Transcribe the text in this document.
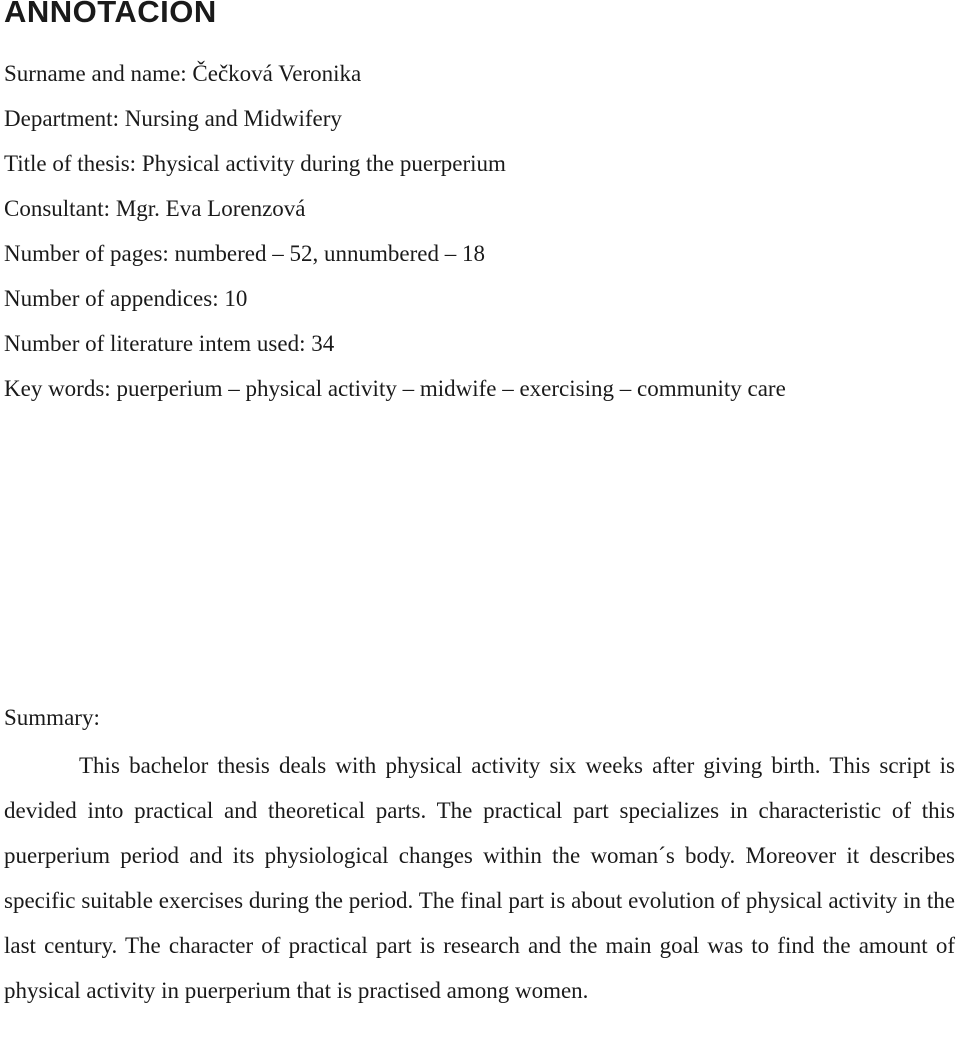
ANNOTACION
Surname and name: Čečková Veronika
Department: Nursing and Midwifery
Title of thesis: Physical activity during the puerperium
Consultant: Mgr. Eva Lorenzová
Number of pages: numbered – 52, unnumbered – 18
Number of appendices: 10
Number of literature intem used: 34
Key words: puerperium – physical activity – midwife – exercising – community care
Summary:

This bachelor thesis deals with physical activity six weeks after giving birth. This script is devided into practical and theoretical parts. The practical part specializes in characteristic of this puerperium period and its physiological changes within the woman´s body. Moreover it describes specific suitable exercises during the period. The final part is about evolution of physical activity in the last century. The character of practical part is research and the main goal was to find the amount of physical activity in puerperium that is practised among women.
